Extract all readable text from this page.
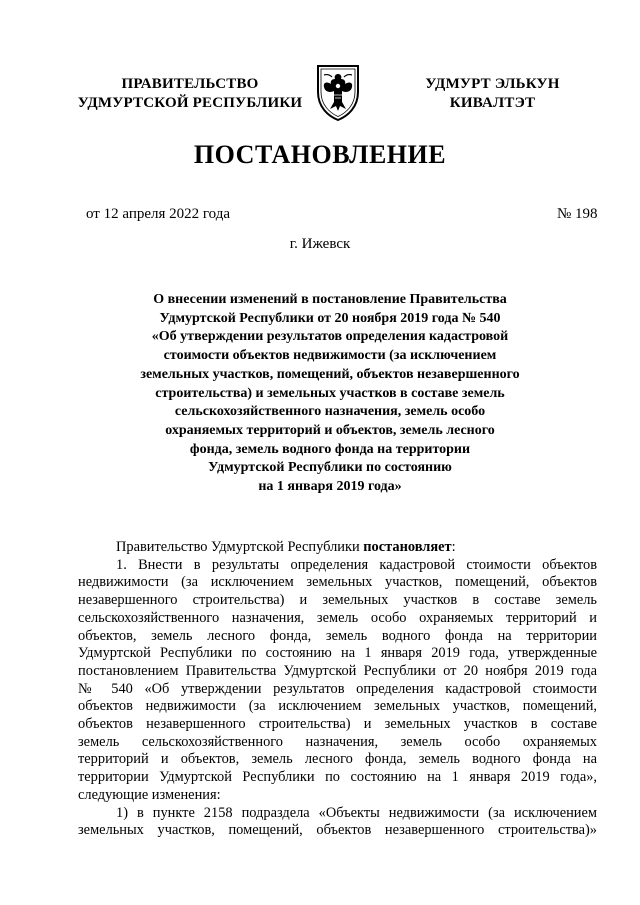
ПРАВИТЕЛЬСТВО
УДМУРТСКОЙ РЕСПУБЛИКИ
УДМУРТ ЭЛЬКУН
КИВАЛТЭТ
ПОСТАНОВЛЕНИЕ
от 12 апреля 2022 года	№ 198
г. Ижевск
О внесении изменений в постановление Правительства
Удмуртской Республики от 20 ноября 2019 года № 540
«Об утверждении результатов определения кадастровой
стоимости объектов недвижимости (за исключением
земельных участков, помещений, объектов незавершенного
строительства) и земельных участков в составе земель
сельскохозяйственного назначения, земель особо
охраняемых территорий и объектов, земель лесного
фонда, земель водного фонда на территории
Удмуртской Республики по состоянию
на 1 января 2019 года»
Правительство Удмуртской Республики постановляет:
1. Внести в результаты определения кадастровой стоимости объектов
недвижимости (за исключением земельных участков, помещений, объектов
незавершенного строительства) и земельных участков в составе земель
сельскохозяйственного назначения, земель особо охраняемых территорий и
объектов, земель лесного фонда, земель водного фонда на территории
Удмуртской Республики по состоянию на 1 января 2019 года, утвержденные
постановлением Правительства Удмуртской Республики от 20 ноября 2019 года
№ 540 «Об утверждении результатов определения кадастровой стоимости
объектов недвижимости (за исключением земельных участков, помещений,
объектов незавершенного строительства) и земельных участков в составе
земель сельскохозяйственного назначения, земель особо охраняемых
территорий и объектов, земель лесного фонда, земель водного фонда на
территории Удмуртской Республики по состоянию на 1 января 2019 года»,
следующие изменения:
1) в пункте 2158 подраздела «Объекты недвижимости (за исключением
земельных участков, помещений, объектов незавершенного строительства)»
